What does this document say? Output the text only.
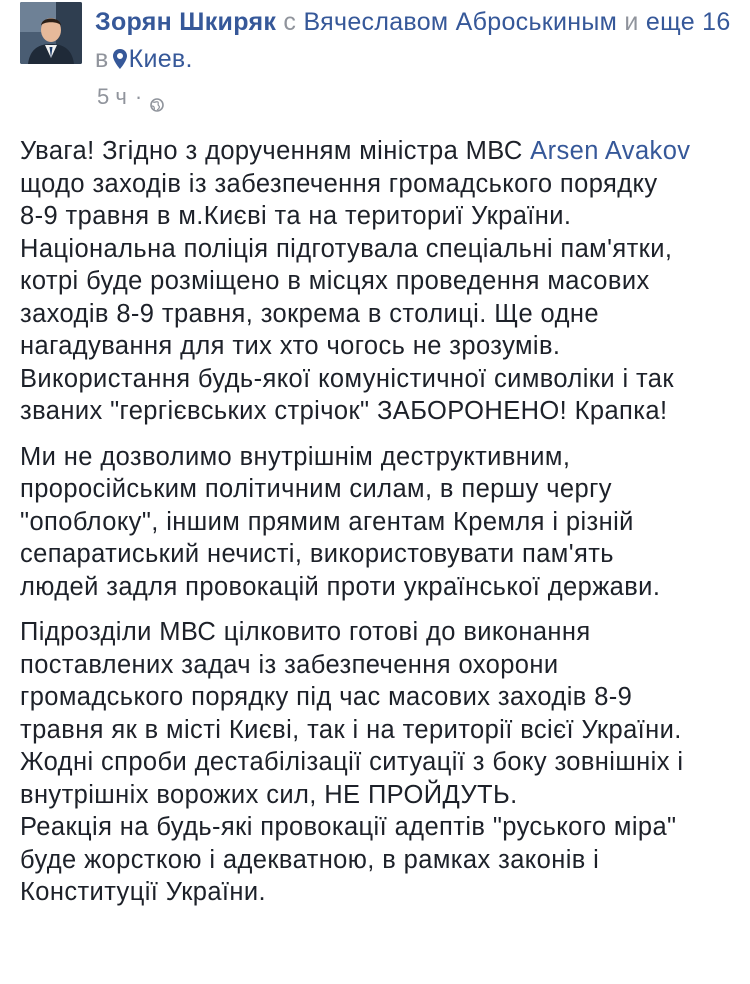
Зорян Шкиряк с Вячеславом Аброськиным и еще 16 в Киев.
5 ч ·

Увага! Згідно з дорученням міністра МВС Arsen Avakov
щодо заходів із забезпечення громадського порядку
8-9 травня в м.Києві та на териториї України.
Національна поліція підготувала спеціальні пам'ятки,
котрі буде розміщено в місцях проведення масових
заходів 8-9 травня, зокрема в столиці. Ще одне
нагадування для тих хто чогось не зрозумів.
Використання будь-якої комуністичної символіки і так
званих "гергієвських стрічок" ЗАБОРОНЕНО! Крапка!

Ми не дозволимо внутрішнім деструктивним,
проросійським політичним силам, в першу чергу
"опоблоку", іншим прямим агентам Кремля і різній
сепаратиський нечисті, використовувати пам'ять
людей задля провокацій проти української держави.

Підрозділи МВС цілковито готові до виконання
поставлених задач із забезпечення охорони
громадського порядку під час масових заходів 8-9
травня як в місті Києві, так і на території всієї України.
Жодні спроби дестабілізації ситуації з боку зовнішніх і
внутрішніх ворожих сил, НЕ ПРОЙДУТЬ.
Реакція на будь-які провокації адептів "руського міра"
буде жорсткою і адекватною, в рамках законів і
Конституції України.
